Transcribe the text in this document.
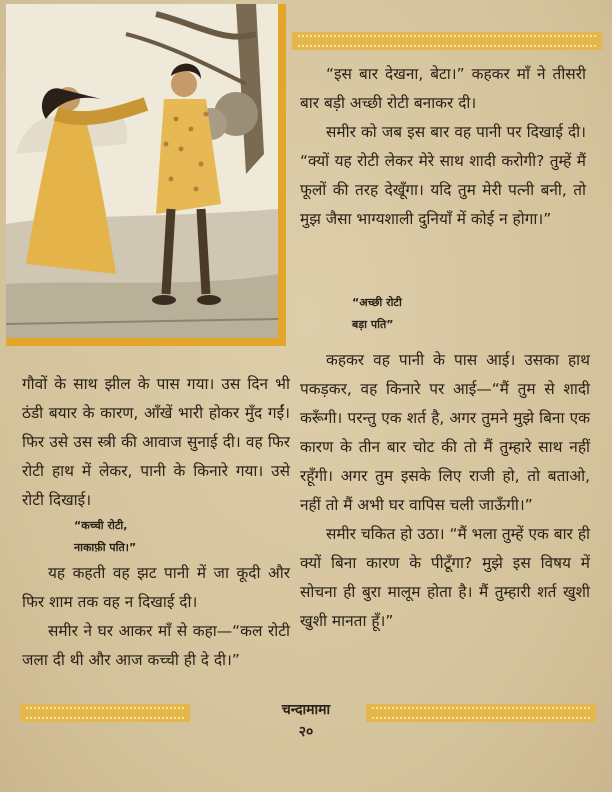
“इस बार देखना, बेटा।” कहकर माँ ने तीसरी बार बड़ी अच्छी रोटी बनाकर दी।

समीर को जब इस बार वह पानी पर दिखाई दी। “क्यों यह रोटी लेकर मेरे साथ शादी करोगी? तुम्हें मैं फूलों की तरह देखूँगा। यदि तुम मेरी पत्नी बनी, तो मुझ जैसा भाग्यशाली दुनियाँ में कोई न होगा।”

“अच्छी रोटी

बड़ा पति”

कहकर वह पानी के पास आई। उसका हाथ पकड़कर, वह किनारे पर आई—“मैं तुम से शादी करूँगी। परन्तु एक शर्त है, अगर तुमने मुझे बिना एक कारण के तीन बार चोट की तो मैं तुम्हारे साथ नहीं रहूँगी। अगर तुम इसके लिए राजी हो, तो बताओ, नहीं तो मैं अभी घर वापिस चली जाऊँगी।”

समीर चकित हो उठा। “मैं भला तुम्हें एक बार ही क्यों बिना कारण के पीटूँगा? मुझे इस विषय में सोचना ही बुरा मालूम होता है। मैं तुम्हारी शर्त खुशी खुशी मानता हूँ।”

गौवों के साथ झील के पास गया। उस दिन भी ठंडी बयार के कारण, आँखें भारी होकर मुँद गईं। फिर उसे उस स्त्री की आवाज सुनाई दी। वह फिर रोटी हाथ में लेकर, पानी के किनारे गया। उसे रोटी दिखाई।

“कच्ची रोटी,

नाकाफ़ी पति।”

यह कहती वह झट पानी में जा कूदी और फिर शाम तक वह न दिखाई दी।

समीर ने घर आकर माँ से कहा—“कल रोटी जला दी थी और आज कच्ची ही दे दी।”

चन्दामामा
२०
